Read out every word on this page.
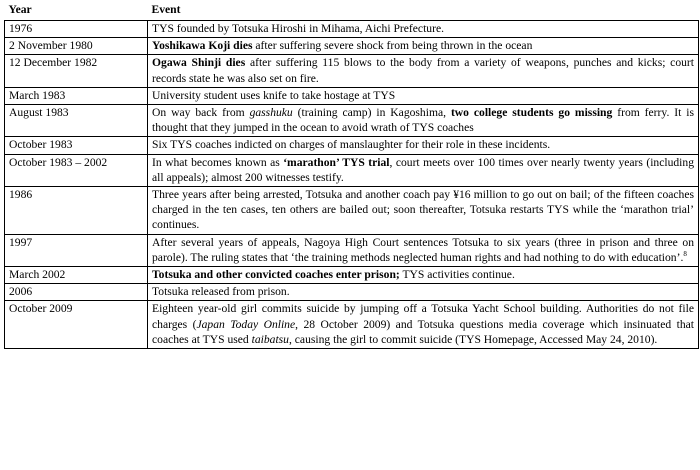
Year	Event
1976	TYS founded by Totsuka Hiroshi in Mihama, Aichi Prefecture.
2 November 1980	Yoshikawa Koji dies after suffering severe shock from being thrown in the ocean
12 December 1982	Ogawa Shinji dies after suffering 115 blows to the body from a variety of weapons, punches and kicks; court records state he was also set on fire.
March 1983	University student uses knife to take hostage at TYS
August 1983	On way back from gasshuku (training camp) in Kagoshima, two college students go missing from ferry. It is thought that they jumped in the ocean to avoid wrath of TYS coaches
October 1983	Six TYS coaches indicted on charges of manslaughter for their role in these incidents.
October 1983 – 2002	In what becomes known as ‘marathon’ TYS trial, court meets over 100 times over nearly twenty years (including all appeals); almost 200 witnesses testify.
1986	Three years after being arrested, Totsuka and another coach pay ¥16 million to go out on bail; of the fifteen coaches charged in the ten cases, ten others are bailed out; soon thereafter, Totsuka restarts TYS while the ‘marathon trial’ continues.
1997	After several years of appeals, Nagoya High Court sentences Totsuka to six years (three in prison and three on parole). The ruling states that ‘the training methods neglected human rights and had nothing to do with education’.$^8$
March 2002	Totsuka and other convicted coaches enter prison; TYS activities continue.
2006	Totsuka released from prison.
October 2009	Eighteen year-old girl commits suicide by jumping off a Totsuka Yacht School building. Authorities do not file charges (Japan Today Online, 28 October 2009) and Totsuka questions media coverage which insinuated that coaches at TYS used taibatsu, causing the girl to commit suicide (TYS Homepage, Accessed May 24, 2010).
